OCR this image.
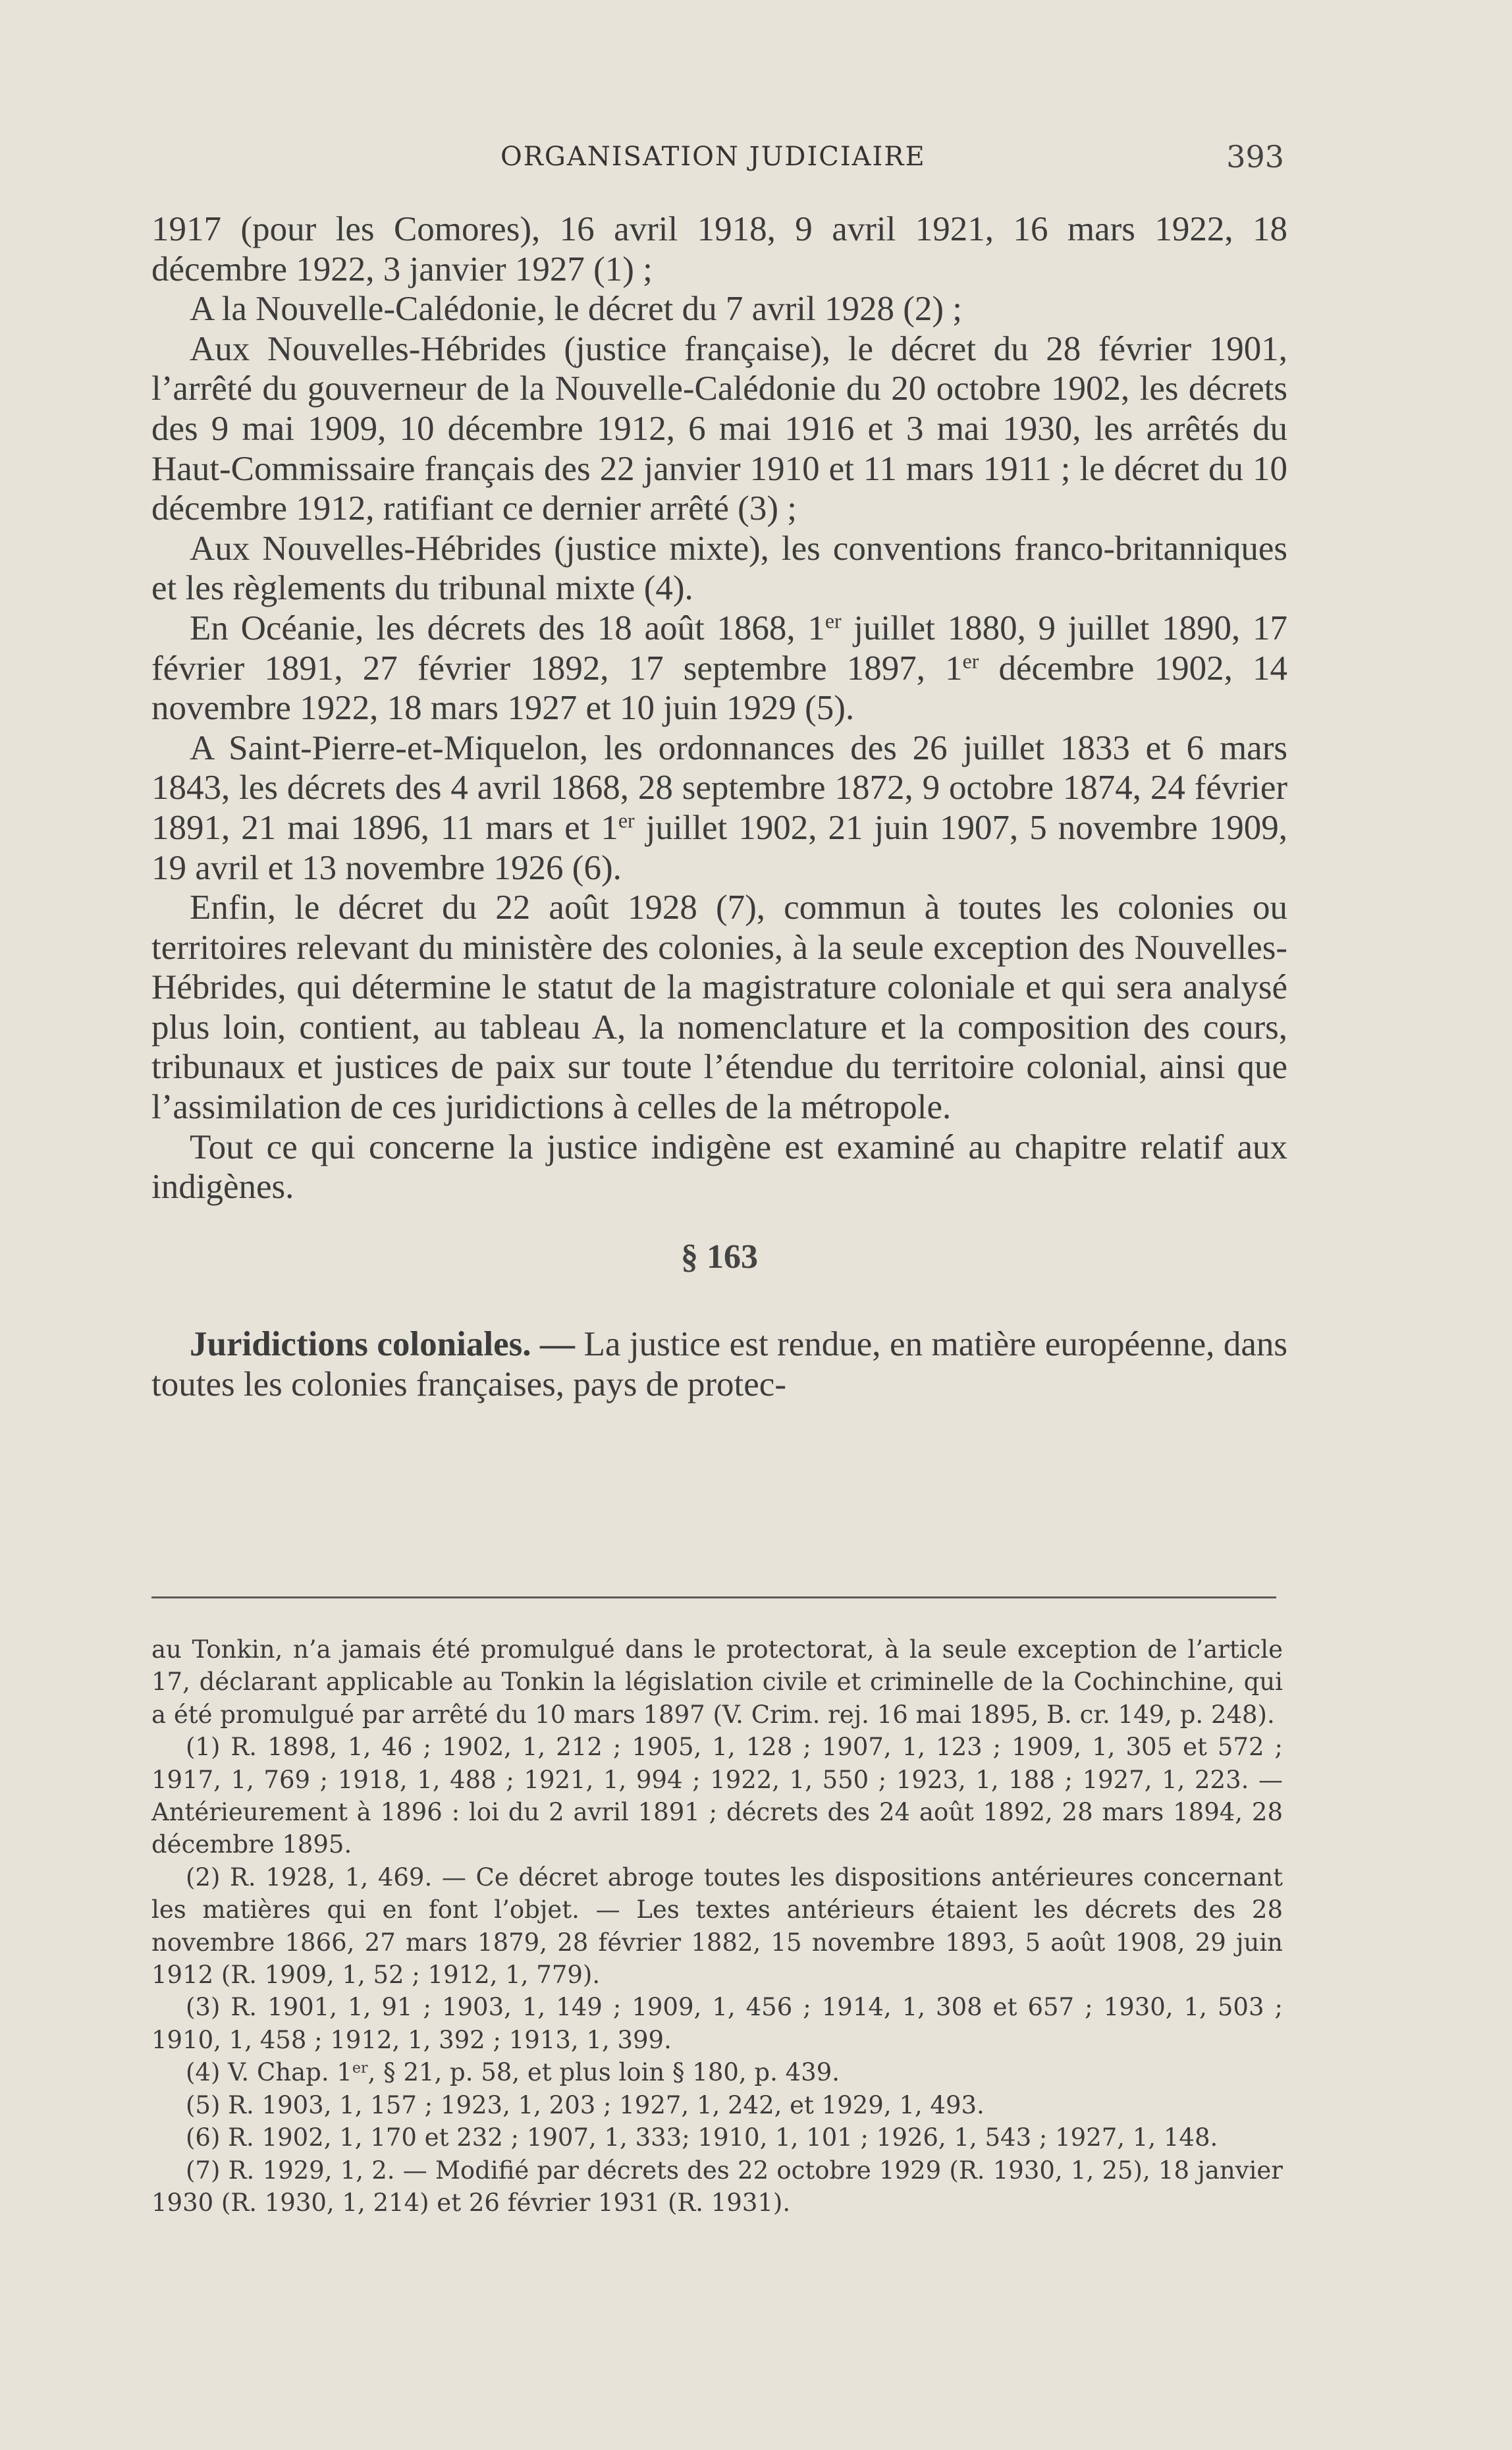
ORGANISATION JUDICIAIRE	393

1917 (pour les Comores), 16 avril 1918, 9 avril 1921, 16 mars 1922, 18 décembre 1922, 3 janvier 1927 (1) ;

A la Nouvelle-Calédonie, le décret du 7 avril 1928 (2) ;

Aux Nouvelles-Hébrides (justice française), le décret du 28 février 1901, l’arrêté du gouverneur de la Nouvelle-Calédonie du 20 octobre 1902, les décrets des 9 mai 1909, 10 décembre 1912, 6 mai 1916 et 3 mai 1930, les arrêtés du Haut-Commissaire français des 22 janvier 1910 et 11 mars 1911 ; le décret du 10 décembre 1912, ratifiant ce dernier arrêté (3) ;

Aux Nouvelles-Hébrides (justice mixte), les conventions franco-britanniques et les règlements du tribunal mixte (4).

En Océanie, les décrets des 18 août 1868, 1er juillet 1880, 9 juillet 1890, 17 février 1891, 27 février 1892, 17 septembre 1897, 1er décembre 1902, 14 novembre 1922, 18 mars 1927 et 10 juin 1929 (5).

A Saint-Pierre-et-Miquelon, les ordonnances des 26 juillet 1833 et 6 mars 1843, les décrets des 4 avril 1868, 28 septembre 1872, 9 octobre 1874, 24 février 1891, 21 mai 1896, 11 mars et 1er juillet 1902, 21 juin 1907, 5 novembre 1909, 19 avril et 13 novembre 1926 (6).

Enfin, le décret du 22 août 1928 (7), commun à toutes les colonies ou territoires relevant du ministère des colonies, à la seule exception des Nouvelles-Hébrides, qui détermine le statut de la magistrature coloniale et qui sera analysé plus loin, contient, au tableau A, la nomenclature et la composition des cours, tribunaux et justices de paix sur toute l’étendue du territoire colonial, ainsi que l’assimilation de ces juridictions à celles de la métropole.

Tout ce qui concerne la justice indigène est examiné au chapitre relatif aux indigènes.

§ 163

Juridictions coloniales. — La justice est rendue, en matière européenne, dans toutes les colonies françaises, pays de protec-

au Tonkin, n’a jamais été promulgué dans le protectorat, à la seule exception de l’article 17, déclarant applicable au Tonkin la législation civile et criminelle de la Cochinchine, qui a été promulgué par arrêté du 10 mars 1897 (V. Crim. rej. 16 mai 1895, B. cr. 149, p. 248).

(1) R. 1898, 1, 46 ; 1902, 1, 212 ; 1905, 1, 128 ; 1907, 1, 123 ; 1909, 1, 305 et 572 ; 1917, 1, 769 ; 1918, 1, 488 ; 1921, 1, 994 ; 1922, 1, 550 ; 1923, 1, 188 ; 1927, 1, 223. — Antérieurement à 1896 : loi du 2 avril 1891 ; décrets des 24 août 1892, 28 mars 1894, 28 décembre 1895.

(2) R. 1928, 1, 469. — Ce décret abroge toutes les dispositions antérieures concernant les matières qui en font l’objet. — Les textes antérieurs étaient les décrets des 28 novembre 1866, 27 mars 1879, 28 février 1882, 15 novembre 1893, 5 août 1908, 29 juin 1912 (R. 1909, 1, 52 ; 1912, 1, 779).

(3) R. 1901, 1, 91 ; 1903, 1, 149 ; 1909, 1, 456 ; 1914, 1, 308 et 657 ; 1930, 1, 503 ; 1910, 1, 458 ; 1912, 1, 392 ; 1913, 1, 399.

(4) V. Chap. 1er, § 21, p. 58, et plus loin § 180, p. 439.

(5) R. 1903, 1, 157 ; 1923, 1, 203 ; 1927, 1, 242, et 1929, 1, 493.

(6) R. 1902, 1, 170 et 232 ; 1907, 1, 333; 1910, 1, 101 ; 1926, 1, 543 ; 1927, 1, 148.

(7) R. 1929, 1, 2. — Modifié par décrets des 22 octobre 1929 (R. 1930, 1, 25), 18 janvier 1930 (R. 1930, 1, 214) et 26 février 1931 (R. 1931).
